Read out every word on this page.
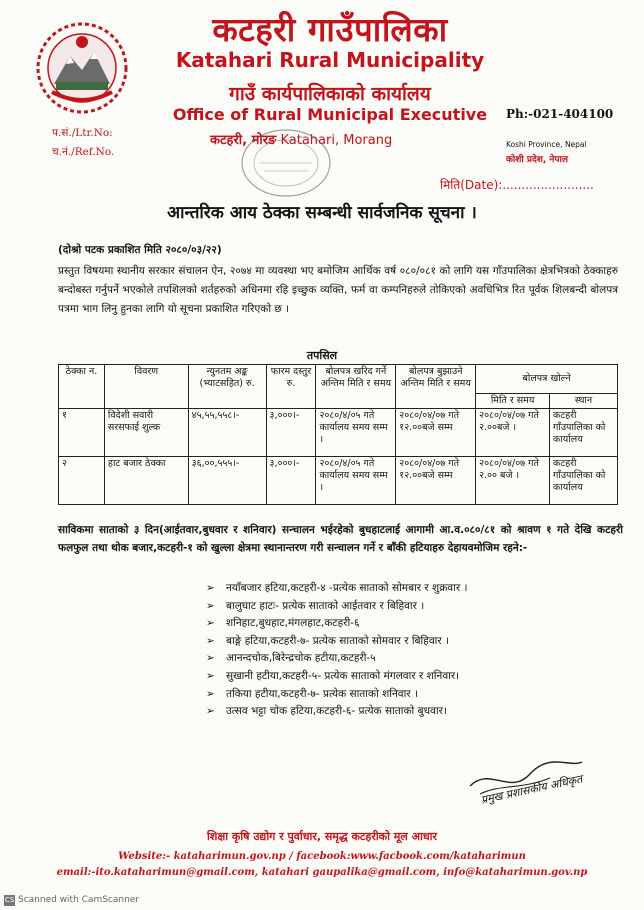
कटहरी गाउँपालिका
Katahari Rural Municipality
गाउँ कार्यपालिकाको कार्यालय
Office of Rural Municipal Executive
कटहरी, मोरङ Katahari, Morang
Ph:-021-404100
Koshi Province, Nepal
कोशी प्रदेश, नेपाल
प.सं./Ltr.No:
च.नं./Ref.No.
मिति(Date):........................
आन्तरिक आय ठेक्का सम्बन्धी सार्वजनिक सूचना ।
(दोश्रो पटक प्रकाशित मिति २०८०/०३/२२)
प्रस्तुत विषयमा स्थानीय सरकार संचालन ऐन, २०७४ मा व्यवस्था भए बमोजिम आर्थिक वर्ष ०८०/०८१ को लागि यस गाँउपालिका क्षेत्रभित्रको ठेक्काहरु बन्दोबस्त गर्नुपर्ने भएकोले तपशिलको शर्तहरुको अधिनमा रहि इच्छुक व्यक्ति, फर्म वा कम्पनिहरुले तोकिएको अवधिभित्र रित पूर्वक शिलबन्दी बोलपत्र पत्रमा भाग लिनु हुनका लागि यो सूचना प्रकाशित गरिएको छ ।
तपसिल
ठेक्का न.	विवरण	न्युनतम अङ्क (भ्याटसहित) रु.	फारम दस्तुर रु.	बोलपत्र खरिद गर्ने अन्तिम मिति र समय	बोलपत्र बुझाउने अन्तिम मिति र समय	बोलपत्र खोल्ने	
						मिति र समय	स्थान
१	विदेशी सवारी सरसफाई शुल्क	४५,५५,५५८।-	३,०००।-	२०८०/४/०५ गते कार्यालय समय सम्म ।	२०८०/०४/०७ गते १२.००बजे सम्म	२०८०/०४/०७ गते २.००बजे ।	कटहरी गाँउपालिका को कार्यालय
२	हाट बजार ठेक्का	३६,००,५५५।-	३,०००।-	२०८०/४/०५ गते कार्यालय समय सम्म ।	२०८०/०४/०७ गते १२.००बजे सम्म	२०८०/०४/०७ गते २.०० बजे ।	कटहरी गाँउपालिका को कार्यालय
साविकमा साताको ३ दिन(आईतवार,बुधवार र शनिवार) सन्चालन भईरहेको बुधहाटलाई आगामी आ.व.०८०/८१ को श्रावण १ गते देखि कटहरी फलफुल तथा थोक बजार,कटहरी-१ को खुल्ला क्षेत्रमा स्थानान्तरण गरी सन्चालन गर्ने र बाँकी हटियाहरु देहायवमोजिम रहने:-
➢ नयाँबजार हटिया,कटहरी-४ -प्रत्येक साताको सोमबार र शुक्रवार ।
➢ बालुघाट हाटः- प्रत्येक साताको आईतवार र बिहिवार ।
➢ शनिहाट,बुधहाट,मंगलहाट,कटहरी-६
➢ बाङ्गे हटिया,कटहरी-७- प्रत्येक साताको सोमवार र बिहिवार ।
➢ आनन्दचोक,बिरेन्द्रचोक हटीया,कटहरी-५
➢ सुखानी हटीया,कटहरी-५- प्रत्येक साताको मंगलवार र शनिवार।
➢ तकिया हटीया,कटहरी-७- प्रत्येक साताको शनिवार ।
➢ उत्सव भट्टा चोक हटिया,कटहरी-६- प्रत्येक साताको बुधवार।
प्रमुख प्रशासकीय अधिकृत
शिक्षा कृषि उद्योग र पुर्वाधार, समृद्ध कटहरीको मूल आधार
Website:- kataharimun.gov.np / facebook:www.facbook.com/kataharimun
email:-ito.kataharimun@gmail.com, katahari gaupalika@gmail.com, info@kataharimun.gov.np
CS Scanned with CamScanner
